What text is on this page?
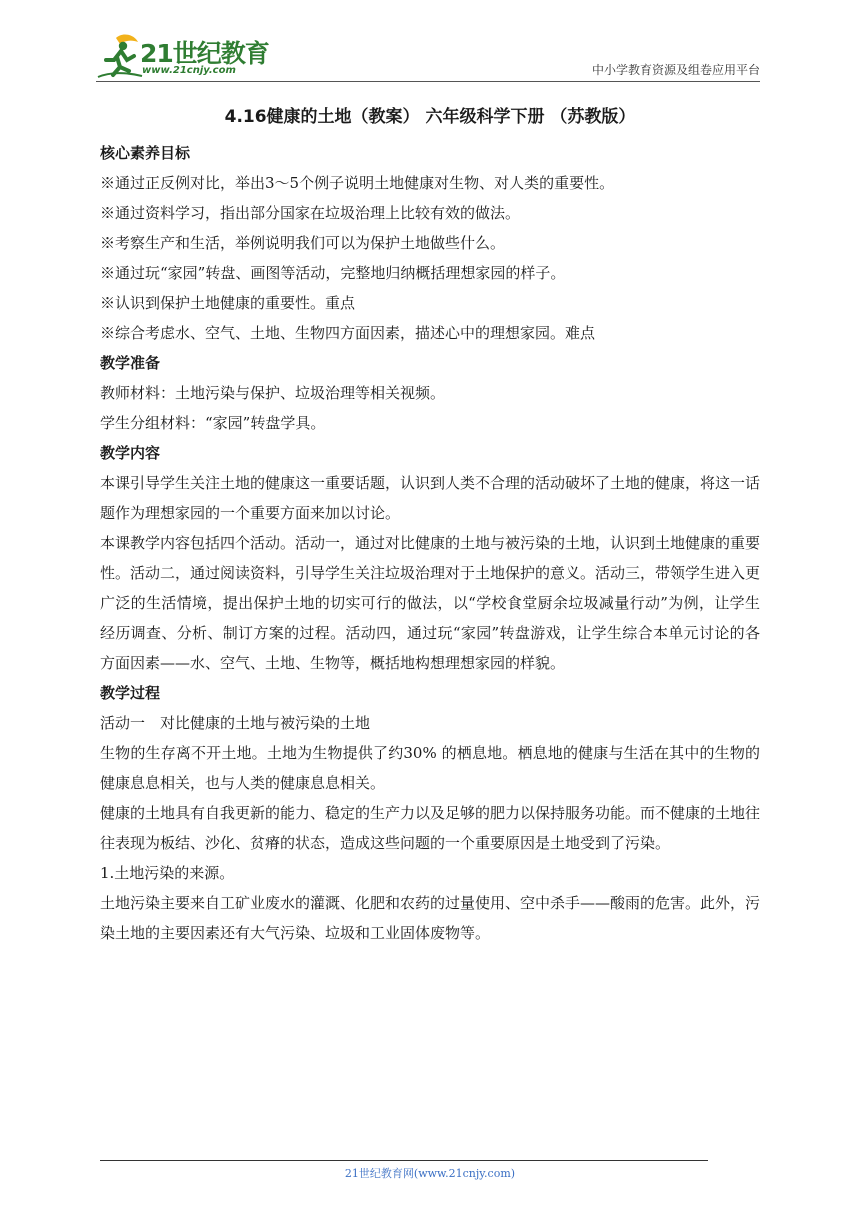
21世纪教育
www.21cnjy.com	中小学教育资源及组卷应用平台
4.16健康的土地（教案） 六年级科学下册 （苏教版）
核心素养目标
※通过正反例对比，举出3～5个例子说明土地健康对生物、对人类的重要性。
※通过资料学习，指出部分国家在垃圾治理上比较有效的做法。
※考察生产和生活，举例说明我们可以为保护土地做些什么。
※通过玩“家园”转盘、画图等活动，完整地归纳概括理想家园的样子。
※认识到保护土地健康的重要性。重点
※综合考虑水、空气、土地、生物四方面因素，描述心中的理想家园。难点
教学准备
教师材料：土地污染与保护、垃圾治理等相关视频。
学生分组材料：“家园”转盘学具。
教学内容
本课引导学生关注土地的健康这一重要话题，认识到人类不合理的活动破坏了土地的健康，将这一话题作为理想家园的一个重要方面来加以讨论。
本课教学内容包括四个活动。活动一，通过对比健康的土地与被污染的土地，认识到土地健康的重要性。活动二，通过阅读资料，引导学生关注垃圾治理对于土地保护的意义。活动三，带领学生进入更广泛的生活情境，提出保护土地的切实可行的做法，以“学校食堂厨余垃圾减量行动”为例，让学生经历调查、分析、制订方案的过程。活动四，通过玩“家园”转盘游戏，让学生综合本单元讨论的各方面因素——水、空气、土地、生物等，概括地构想理想家园的样貌。
教学过程
活动一　对比健康的土地与被污染的土地
生物的生存离不开土地。土地为生物提供了约30% 的栖息地。栖息地的健康与生活在其中的生物的健康息息相关，也与人类的健康息息相关。
健康的土地具有自我更新的能力、稳定的生产力以及足够的肥力以保持服务功能。而不健康的土地往往表现为板结、沙化、贫瘠的状态，造成这些问题的一个重要原因是土地受到了污染。
1.土地污染的来源。
土地污染主要来自工矿业废水的灌溉、化肥和农药的过量使用、空中杀手——酸雨的危害。此外，污染土地的主要因素还有大气污染、垃圾和工业固体废物等。
21世纪教育网(www.21cnjy.com)
